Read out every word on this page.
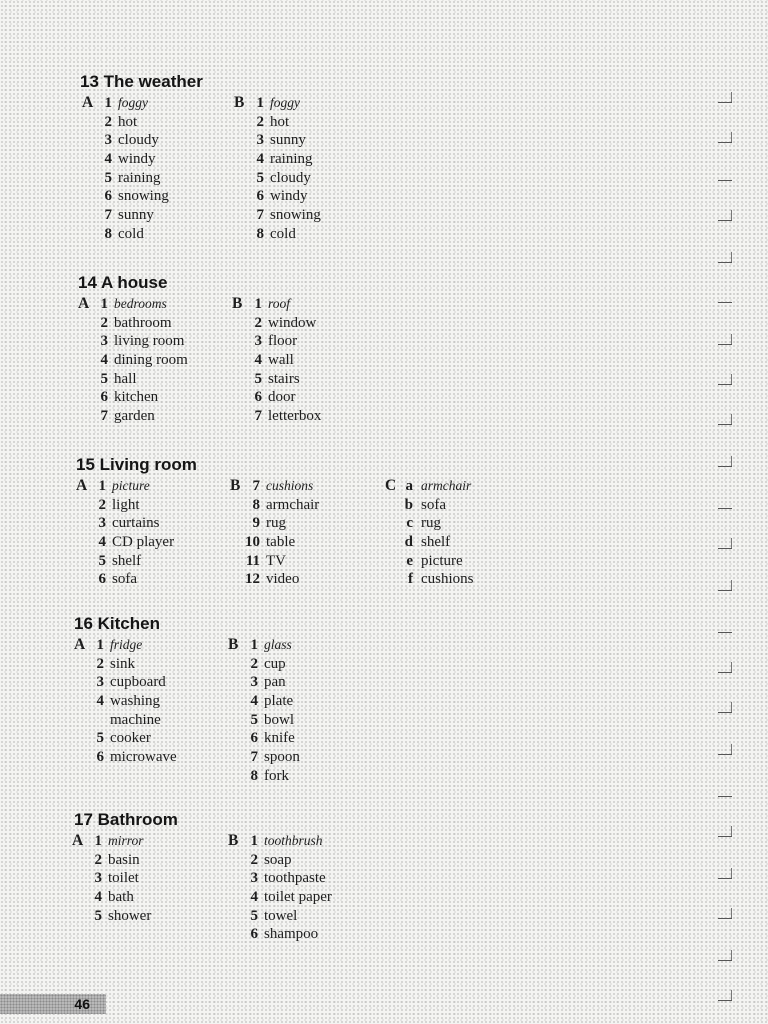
13 The weather
A 1 foggy
2 hot
3 cloudy
4 windy
5 raining
6 snowing
7 sunny
8 cold
B 1 foggy
2 hot
3 sunny
4 raining
5 cloudy
6 windy
7 snowing
8 cold
14 A house
A 1 bedrooms
2 bathroom
3 living room
4 dining room
5 hall
6 kitchen
7 garden
B 1 roof
2 window
3 floor
4 wall
5 stairs
6 door
7 letterbox
15 Living room
A 1 picture
2 light
3 curtains
4 CD player
5 shelf
6 sofa
B 7 cushions
8 armchair
9 rug
10 table
11 TV
12 video
C a armchair
b sofa
c rug
d shelf
e picture
f cushions
16 Kitchen
A 1 fridge
2 sink
3 cupboard
4 washing
machine
5 cooker
6 microwave
B 1 glass
2 cup
3 pan
4 plate
5 bowl
6 knife
7 spoon
8 fork
17 Bathroom
A 1 mirror
2 basin
3 toilet
4 bath
5 shower
B 1 toothbrush
2 soap
3 toothpaste
4 toilet paper
5 towel
6 shampoo
46
